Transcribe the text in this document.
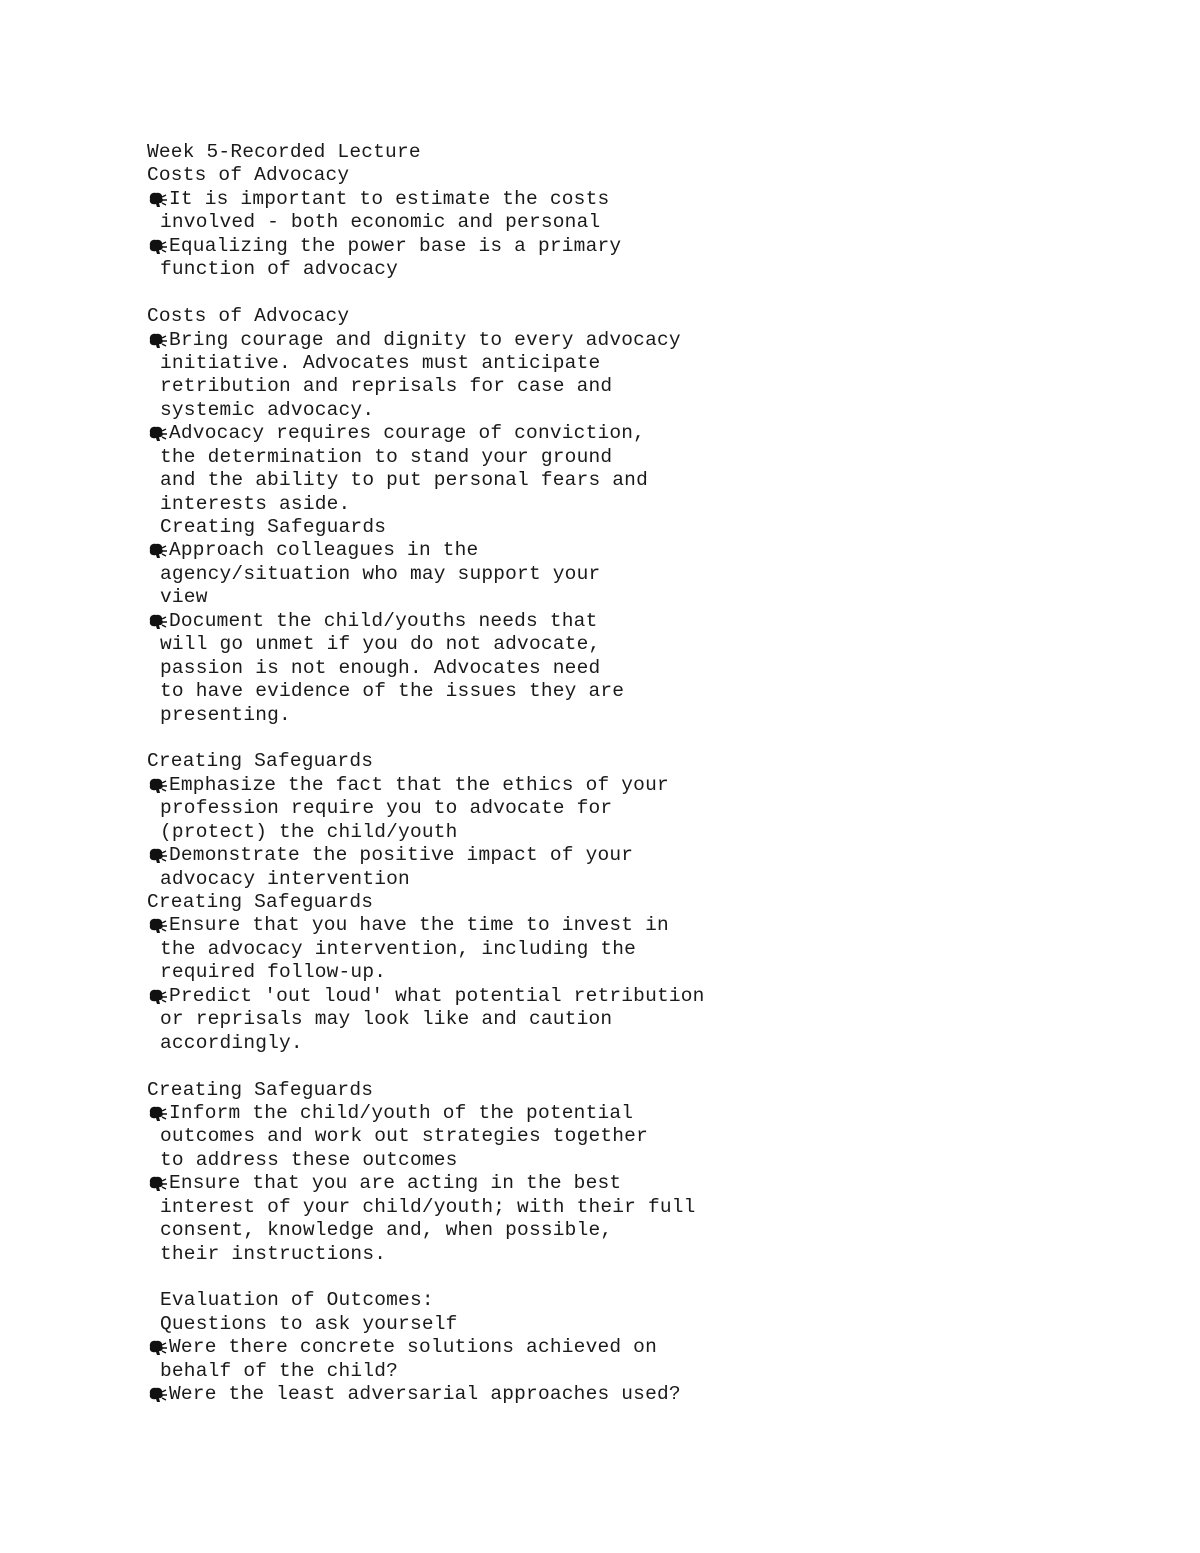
Week 5-Recorded Lecture
Costs of Advocacy
It is important to estimate the costs
involved - both economic and personal
Equalizing the power base is a primary
function of advocacy
Costs of Advocacy
Bring courage and dignity to every advocacy
initiative. Advocates must anticipate
retribution and reprisals for case and
systemic advocacy.
Advocacy requires courage of conviction,
the determination to stand your ground
and the ability to put personal fears and
interests aside.
Creating Safeguards
Approach colleagues in the
agency/situation who may support your
view
Document the child/youths needs that
will go unmet if you do not advocate,
passion is not enough. Advocates need
to have evidence of the issues they are
presenting.
Creating Safeguards
Emphasize the fact that the ethics of your
profession require you to advocate for
(protect) the child/youth
Demonstrate the positive impact of your
advocacy intervention
Creating Safeguards
Ensure that you have the time to invest in
the advocacy intervention, including the
required follow-up.
Predict 'out loud' what potential retribution
or reprisals may look like and caution
accordingly.
Creating Safeguards
Inform the child/youth of the potential
outcomes and work out strategies together
to address these outcomes
Ensure that you are acting in the best
interest of your child/youth; with their full
consent, knowledge and, when possible,
their instructions.
Evaluation of Outcomes:
Questions to ask yourself
Were there concrete solutions achieved on
behalf of the child?
Were the least adversarial approaches used?
